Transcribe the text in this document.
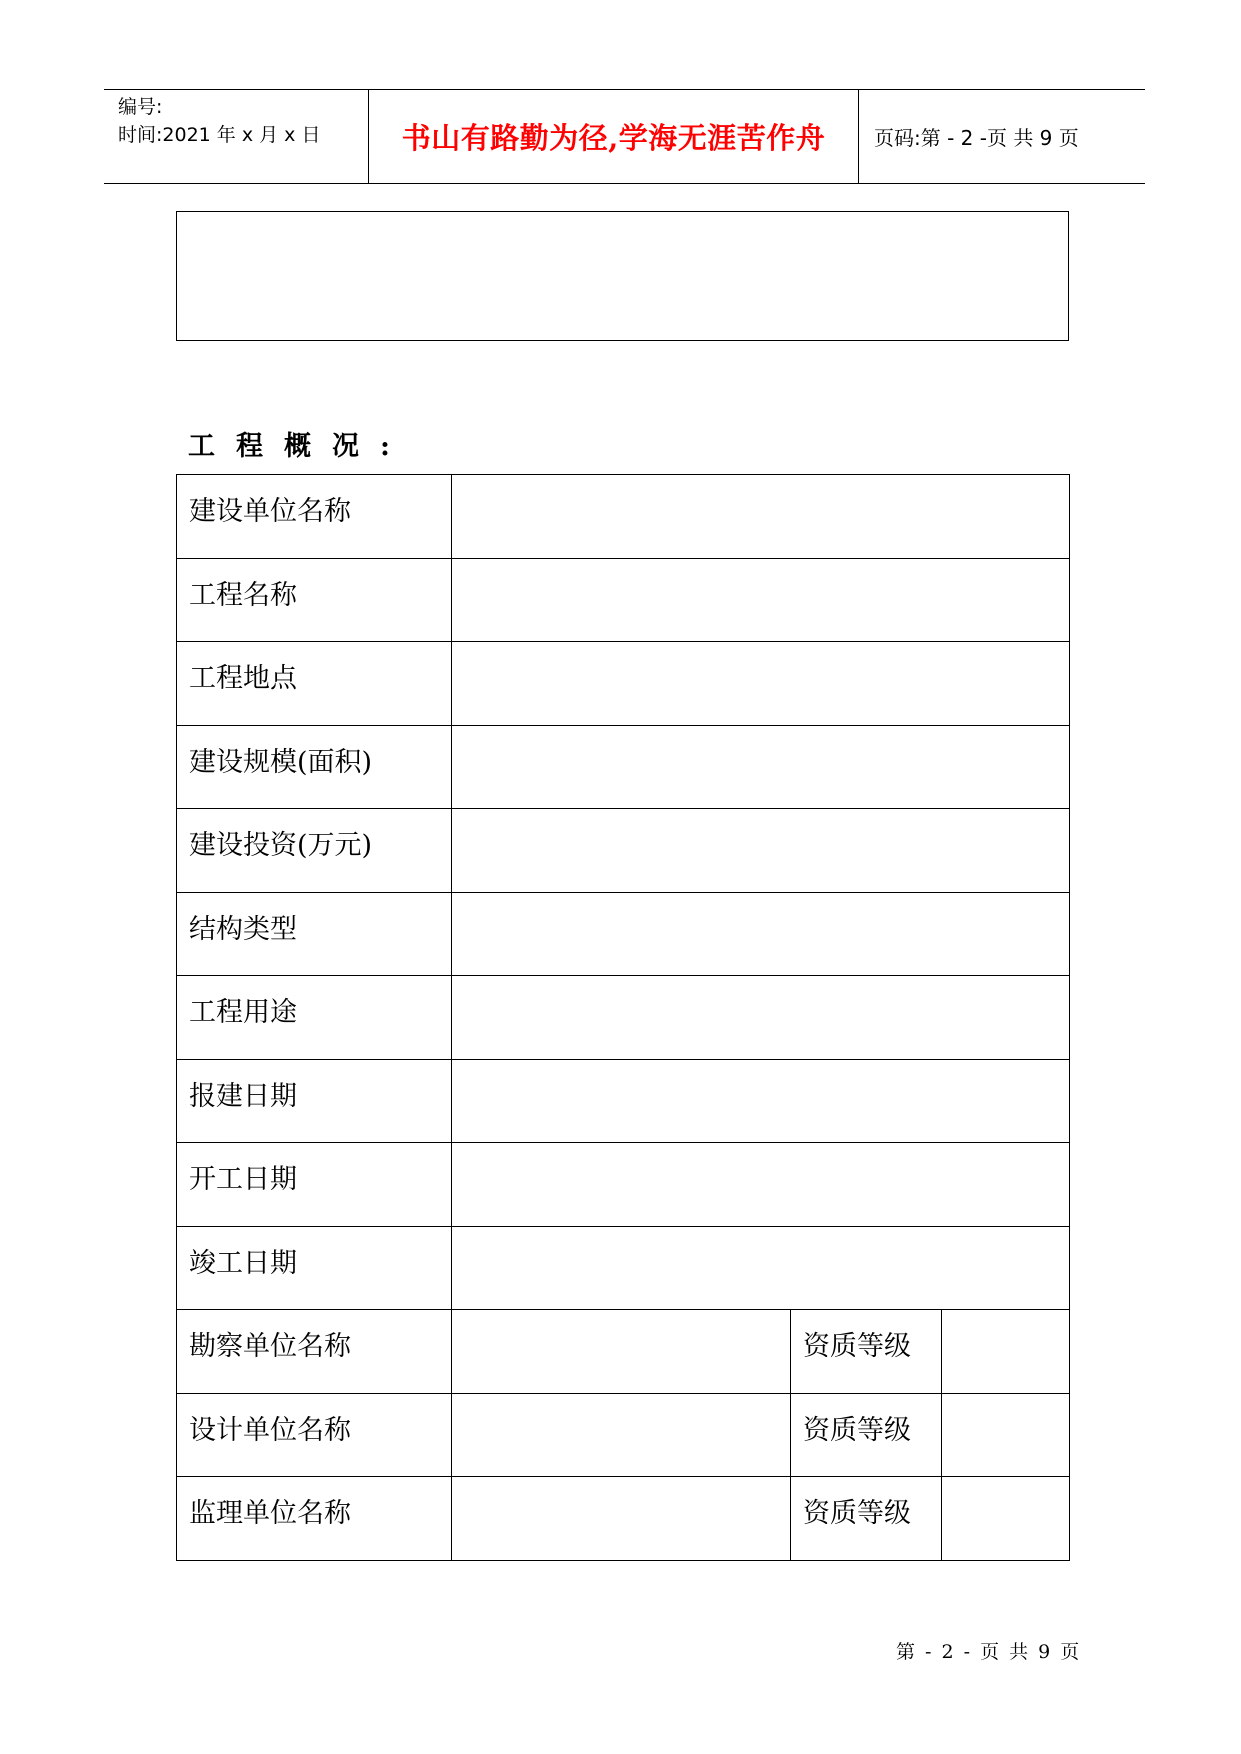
编号:
时间:2021 年 x 月 x 日	书山有路勤为径,学海无涯苦作舟	页码:第 - 2 -页 共 9 页
工程概况:
建设单位名称			
工程名称			
工程地点			
建设规模(面积)			
建设投资(万元)			
结构类型			
工程用途			
报建日期			
开工日期			
竣工日期			
勘察单位名称		资质等级	
设计单位名称		资质等级	
监理单位名称		资质等级	
第 - 2 - 页 共 9 页
